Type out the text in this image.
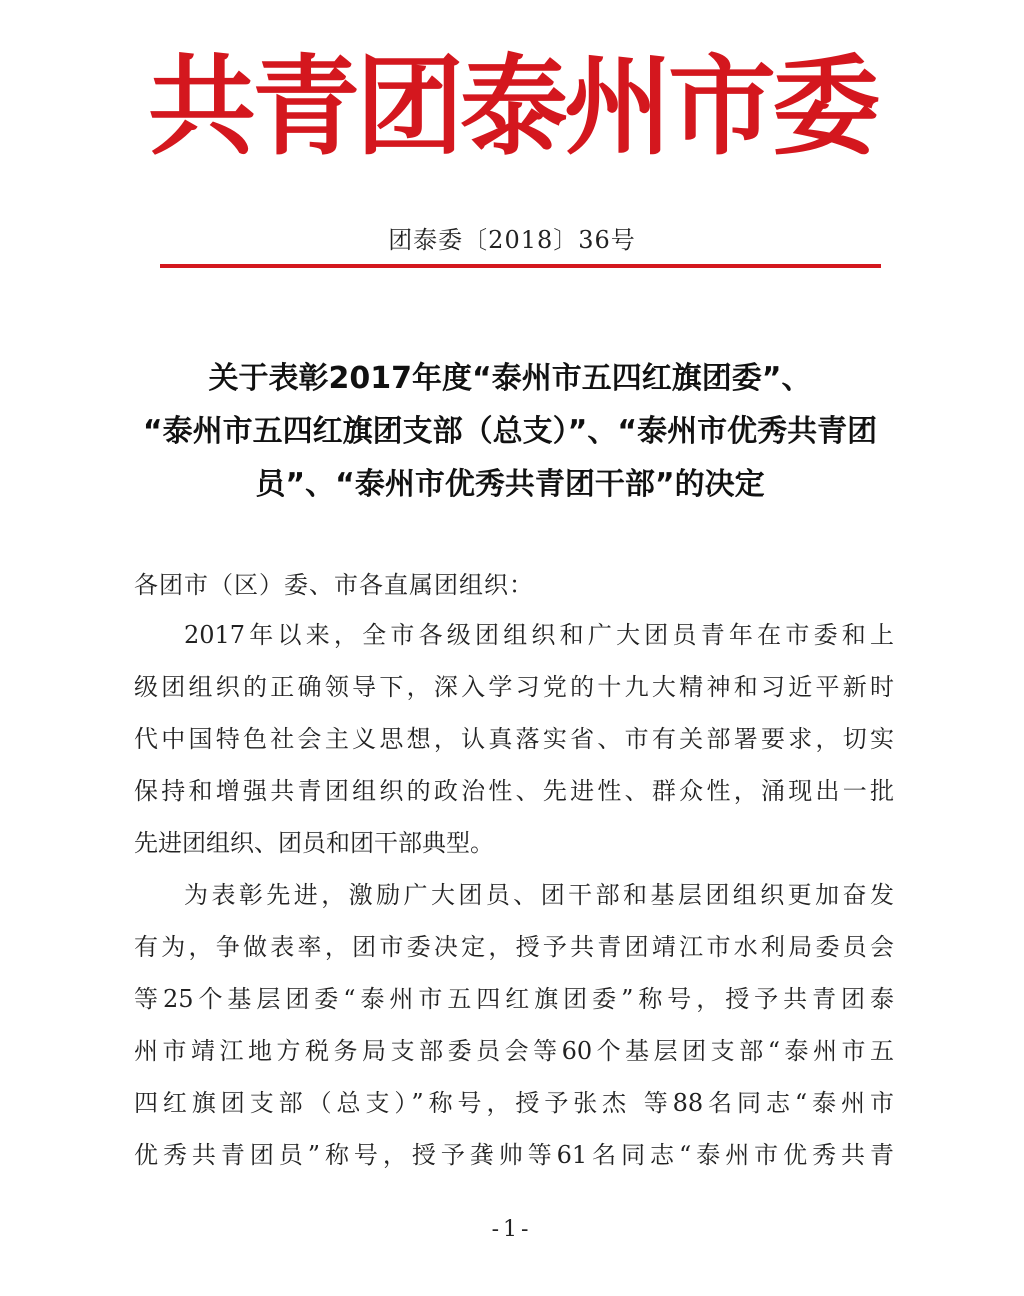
共青团泰州市委
团泰委〔2018〕36号
关于表彰2017年度“泰州市五四红旗团委”、
“泰州市五四红旗团支部（总支）”、“泰州市优秀共青团
员”、“泰州市优秀共青团干部”的决定
各团市（区）委、市各直属团组织：
2017年以来，全市各级团组织和广大团员青年在市委和上
级团组织的正确领导下，深入学习党的十九大精神和习近平新时
代中国特色社会主义思想，认真落实省、市有关部署要求，切实
保持和增强共青团组织的政治性、先进性、群众性，涌现出一批
先进团组织、团员和团干部典型。
为表彰先进，激励广大团员、团干部和基层团组织更加奋发
有为，争做表率，团市委决定，授予共青团靖江市水利局委员会
等25个基层团委“泰州市五四红旗团委”称号，授予共青团泰
州市靖江地方税务局支部委员会等60个基层团支部“泰州市五
四红旗团支部（总支）”称号，授予张杰 等88名同志“泰州市
优秀共青团员”称号，授予龚帅等61名同志“泰州市优秀共青
-1-
